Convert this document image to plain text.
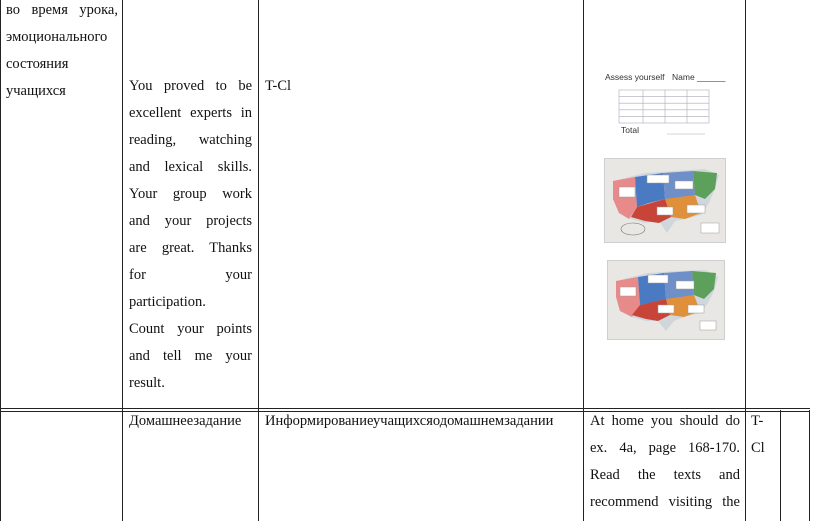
во время урока,
эмоционального
состояния
учащихся	You proved to be
excellent experts in
reading, watching
and lexical skills.
Your group work
and your projects
are great. Thanks
for your
participation.
Count your points
and tell me your
result.
T-Cl
Assess yourself Name ______
Total
Домашнеезадание Информированиеучащихсяодомашнемзадании	At home you should do
ex. 4a, page 168-170.
Read the texts and
recommend visiting the
T-
Cl
